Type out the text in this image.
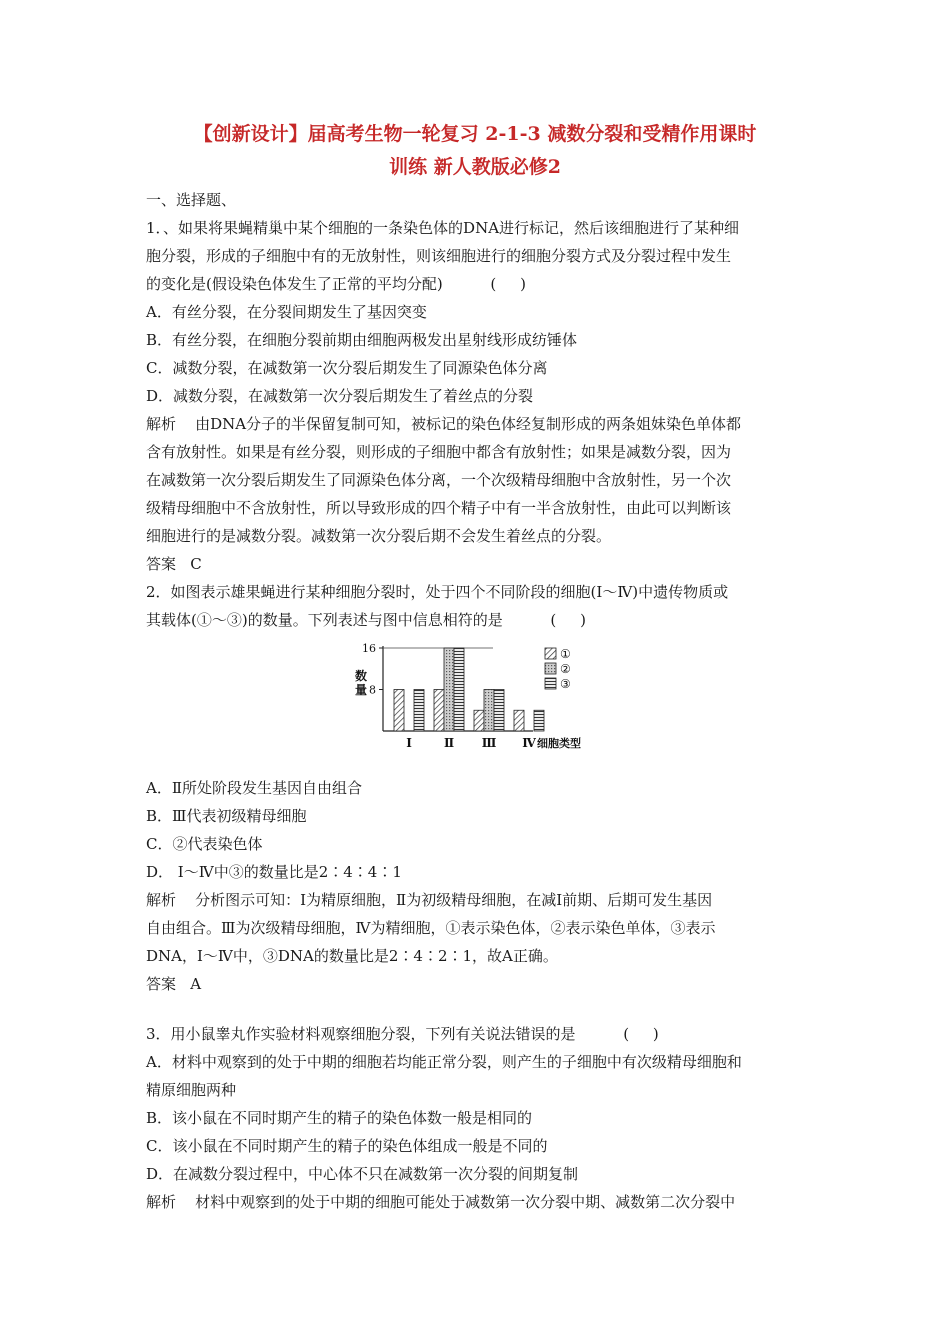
【创新设计】届高考生物一轮复习 2-1-3 减数分裂和受精作用课时
训练 新人教版必修2
一、选择题、
1．、如果将果蝇精巢中某个细胞的一条染色体的DNA进行标记，然后该细胞进行了某种细
胞分裂，形成的子细胞中有的无放射性，则该细胞进行的细胞分裂方式及分裂过程中发生
的变化是(假设染色体发生了正常的平均分配)          (     )
A．有丝分裂，在分裂间期发生了基因突变
B．有丝分裂，在细胞分裂前期由细胞两极发出星射线形成纺锤体
C．减数分裂，在减数第一次分裂后期发生了同源染色体分离
D．减数分裂，在减数第一次分裂后期发生了着丝点的分裂
解析    由DNA分子的半保留复制可知，被标记的染色体经复制形成的两条姐妹染色单体都
含有放射性。如果是有丝分裂，则形成的子细胞中都含有放射性；如果是减数分裂，因为
在减数第一次分裂后期发生了同源染色体分离，一个次级精母细胞中含放射性，另一个次
级精母细胞中不含放射性，所以导致形成的四个精子中有一半含放射性，由此可以判断该
细胞进行的是减数分裂。减数第一次分裂后期不会发生着丝点的分裂。
答案   C
2．如图表示雄果蝇进行某种细胞分裂时，处于四个不同阶段的细胞(Ⅰ～Ⅳ)中遗传物质或
其载体(①～③)的数量。下列表述与图中信息相符的是          (     )
8
16
数
量
Ⅰ	Ⅱ Ⅲ Ⅳ 细胞类型
①
②
③
A．Ⅱ所处阶段发生基因自由组合
B．Ⅲ代表初级精母细胞
C．②代表染色体
D． Ⅰ～Ⅳ中③的数量比是2∶4∶4∶1
解析    分析图示可知：Ⅰ为精原细胞，Ⅱ为初级精母细胞，在减Ⅰ前期、后期可发生基因
自由组合。Ⅲ为次级精母细胞，Ⅳ为精细胞，①表示染色体，②表示染色单体，③表示
DNA，Ⅰ～Ⅳ中，③DNA的数量比是2∶4∶2∶1，故A正确。
答案   A
3．用小鼠睾丸作实验材料观察细胞分裂，下列有关说法错误的是          (     )
A．材料中观察到的处于中期的细胞若均能正常分裂，则产生的子细胞中有次级精母细胞和
精原细胞两种
B．该小鼠在不同时期产生的精子的染色体数一般是相同的
C．该小鼠在不同时期产生的精子的染色体组成一般是不同的
D．在减数分裂过程中，中心体不只在减数第一次分裂的间期复制
解析    材料中观察到的处于中期的细胞可能处于减数第一次分裂中期、减数第二次分裂中
